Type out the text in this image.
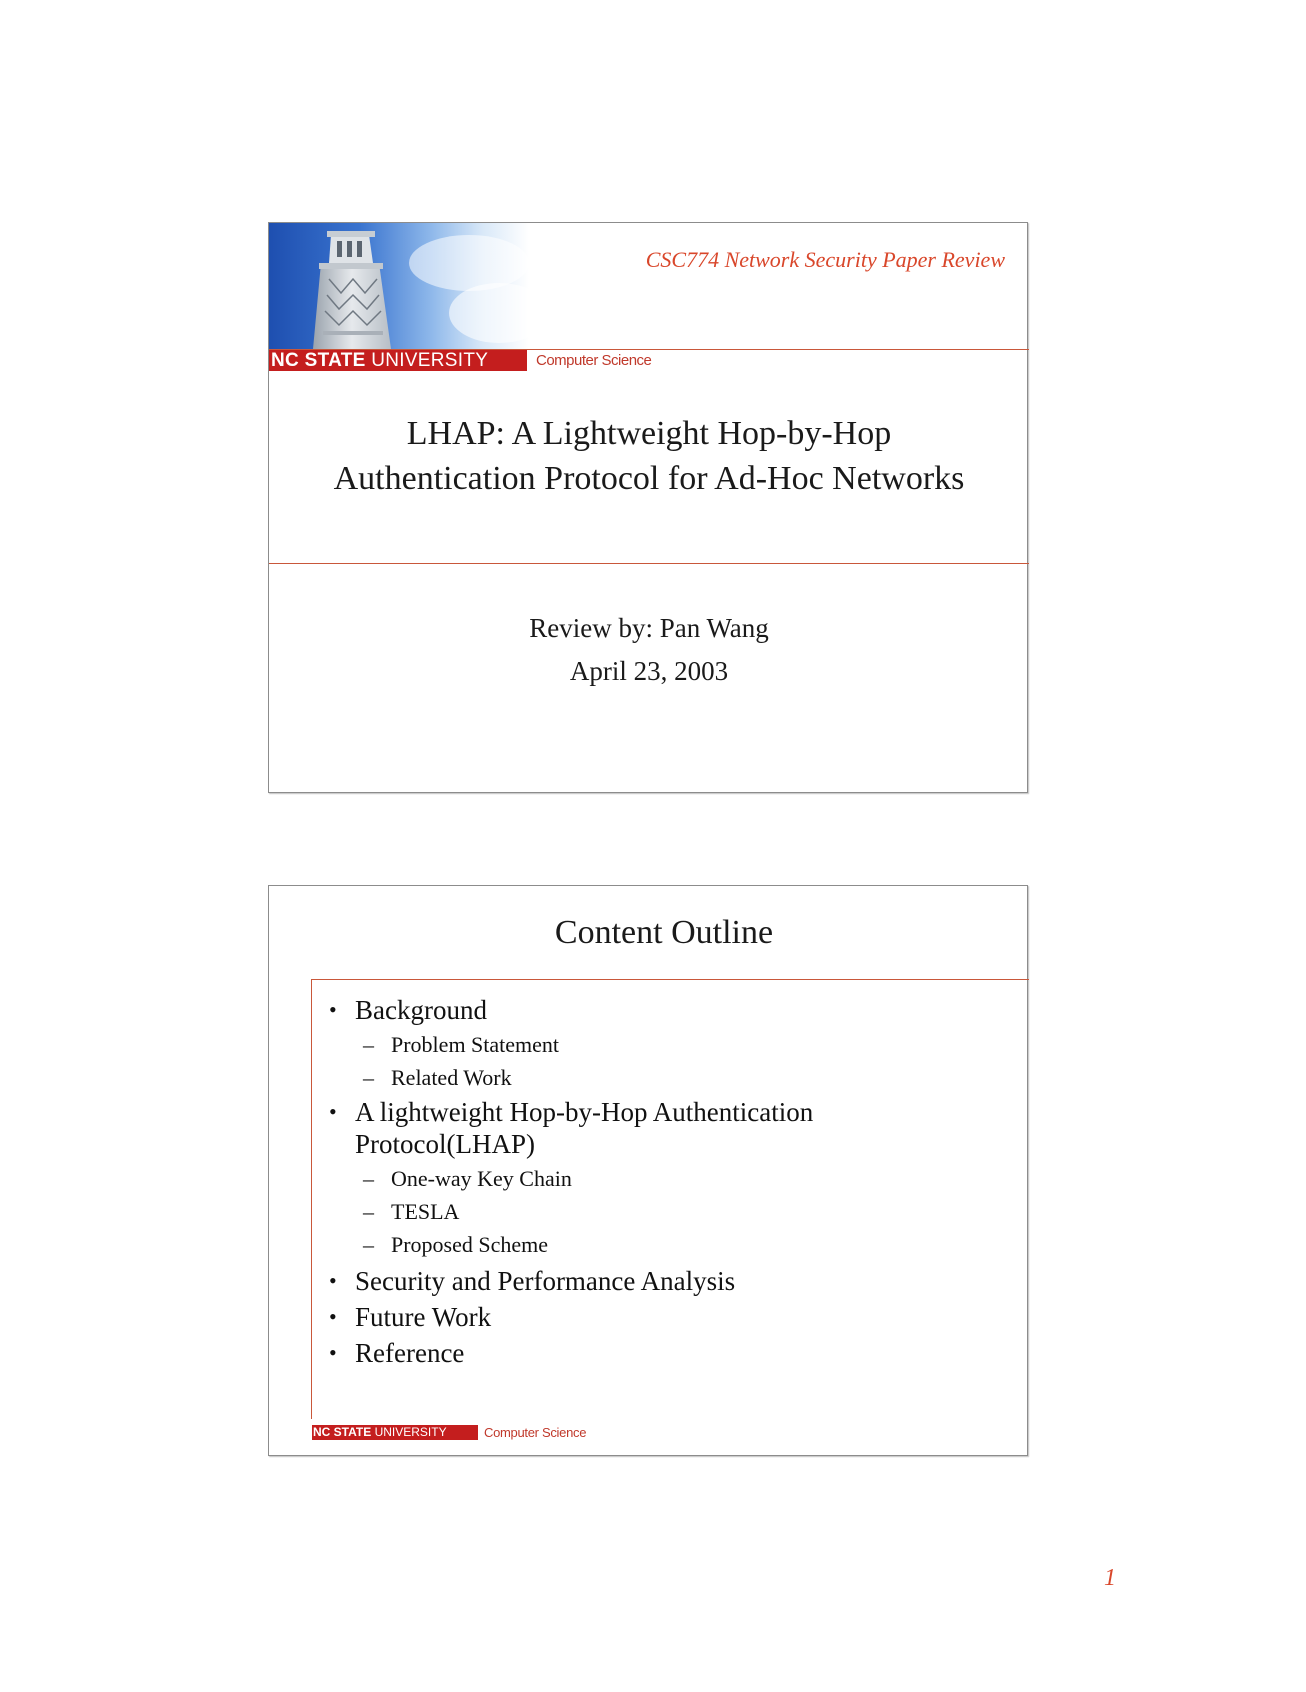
CSC774 Network Security Paper Review
NC STATE UNIVERSITY	Computer Science
LHAP: A Lightweight Hop-by-Hop
Authentication Protocol for Ad-Hoc Networks
Review by: Pan Wang
April 23, 2003
Content Outline
• Background
– Problem Statement
– Related Work
• A lightweight Hop-by-Hop Authentication
Protocol(LHAP)
– One-way Key Chain
– TESLA
– Proposed Scheme
• Security and Performance Analysis
• Future Work
• Reference
NC STATE UNIVERSITY	Computer Science
1
